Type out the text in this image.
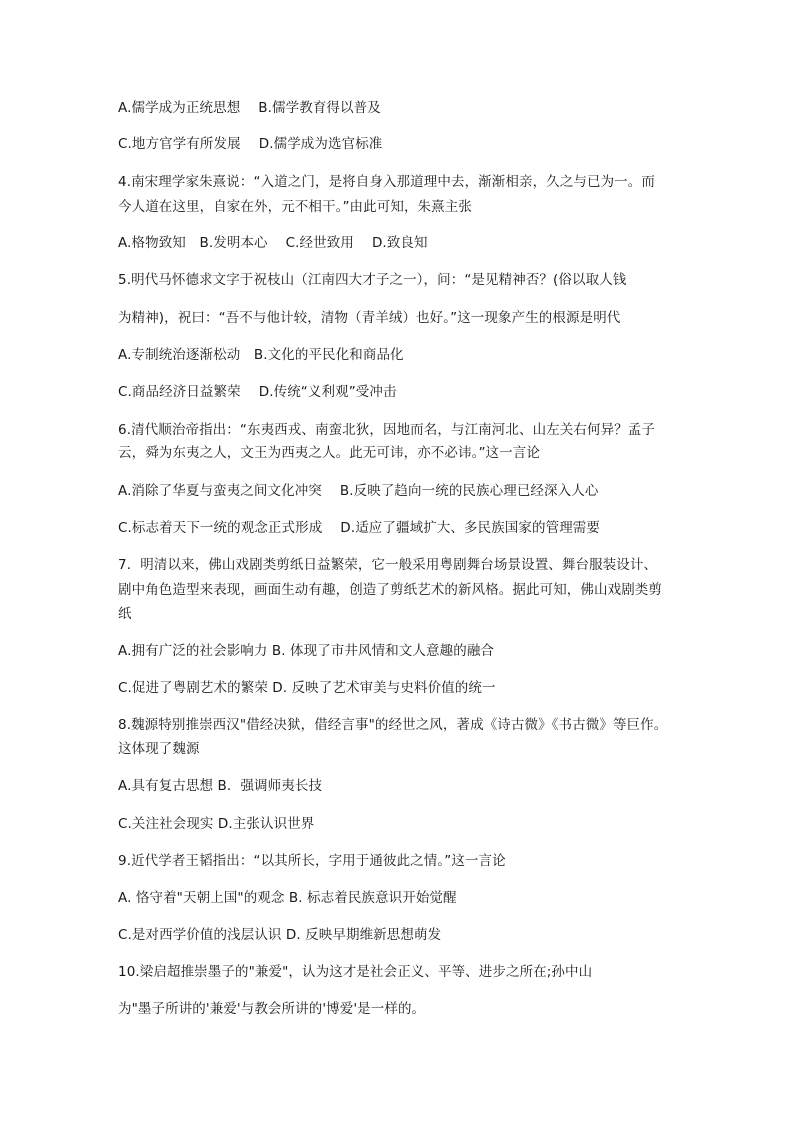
A.儒学成为正统思想　 B.儒学教育得以普及
C.地方官学有所发展　 D.儒学成为选官标准
4.南宋理学家朱熹说：“入道之门，是将自身入那道理中去，渐渐相亲，久之与已为一。而
今人道在这里，自家在外，元不相干。”由此可知，朱熹主张
A.格物致知　B.发明本心　 C.经世致用　 D.致良知
5.明代马怀德求文字于祝枝山（江南四大才子之一），问：“是见精神否？(俗以取人钱
为精神)，祝曰：“吾不与他计较，清物（青羊绒）也好。”这一现象产生的根源是明代
A.专制统治逐渐松动　B.文化的平民化和商品化
C.商品经济日益繁荣　 D.传统“义利观”受冲击
6.清代顺治帝指出：“东夷西戎、南蛮北狄，因地而名，与江南河北、山左关右何异？孟子
云，舜为东夷之人，文王为西夷之人。此无可讳，亦不必讳。”这一言论
A.消除了华夏与蛮夷之间文化冲突　 B.反映了趋向一统的民族心理已经深入人心
C.标志着天下一统的观念正式形成　 D.适应了疆域扩大、多民族国家的管理需要
7．明清以来，佛山戏剧类剪纸日益繁荣，它一般采用粤剧舞台场景设置、舞台服装设计、
剧中角色造型来表现，画面生动有趣，创造了剪纸艺术的新风格。据此可知，佛山戏剧类剪
纸
A.拥有广泛的社会影响力 B. 体现了市井风情和文人意趣的融合
C.促进了粤剧艺术的繁荣 D. 反映了艺术审美与史料价值的统一
8.魏源特别推崇西汉"借经决狱，借经言事"的经世之风，著成《诗古微》《书古微》等巨作。
这体现了魏源
A.具有复古思想 B．强调师夷长技
C.关注社会现实 D.主张认识世界
9.近代学者王韬指出：“以其所长，字用于通彼此之情。”这一言论
A. 恪守着"天朝上国"的观念 B. 标志着民族意识开始觉醒
C.是对西学价值的浅层认识 D. 反映早期维新思想萌发
10.梁启超推崇墨子的"兼爱"，认为这才是社会正义、平等、进步之所在;孙中山
为"墨子所讲的'兼爱'与教会所讲的'博爱'是一样的。
